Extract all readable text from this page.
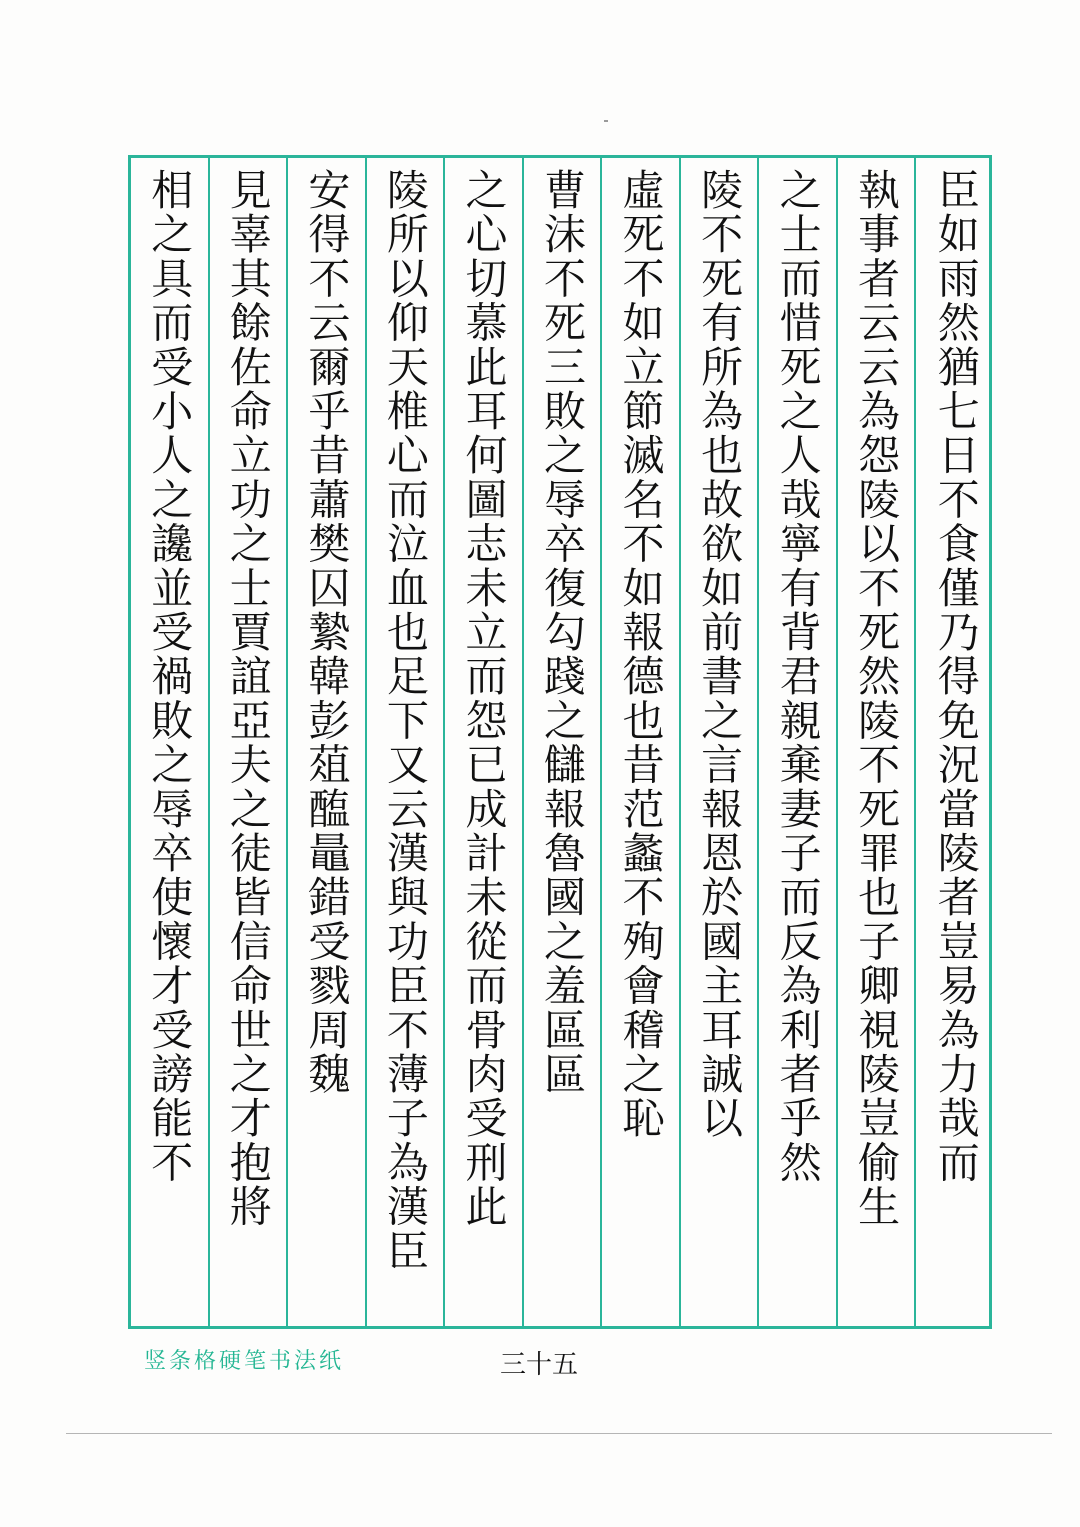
相之具而受小人之讒並受禍敗之辱卒使懷才受謗能不 見辜其餘佐命立功之士賈誼亞夫之徒皆信命世之才抱將 安得不云爾乎昔蕭樊囚縶韓彭葅醢鼂錯受戮周魏 陵所以仰天椎心而泣血也足下又云漢與功臣不薄子為漢臣 之心切慕此耳何圖志未立而怨已成計未從而骨肉受刑此 曹沫不死三敗之辱卒復勾踐之讎報魯國之羞區區 虛死不如立節滅名不如報德也昔范蠡不殉會稽之恥 陵不死有所為也故欲如前書之言報恩於國主耳誠以 之士而惜死之人哉寧有背君親棄妻子而反為利者乎然 執事者云云為怨陵以不死然陵不死罪也子卿視陵豈偷生 臣如雨然猶七日不食僅乃得免況當陵者豈易為力哉而
竖条格硬笔书法纸	三十五
